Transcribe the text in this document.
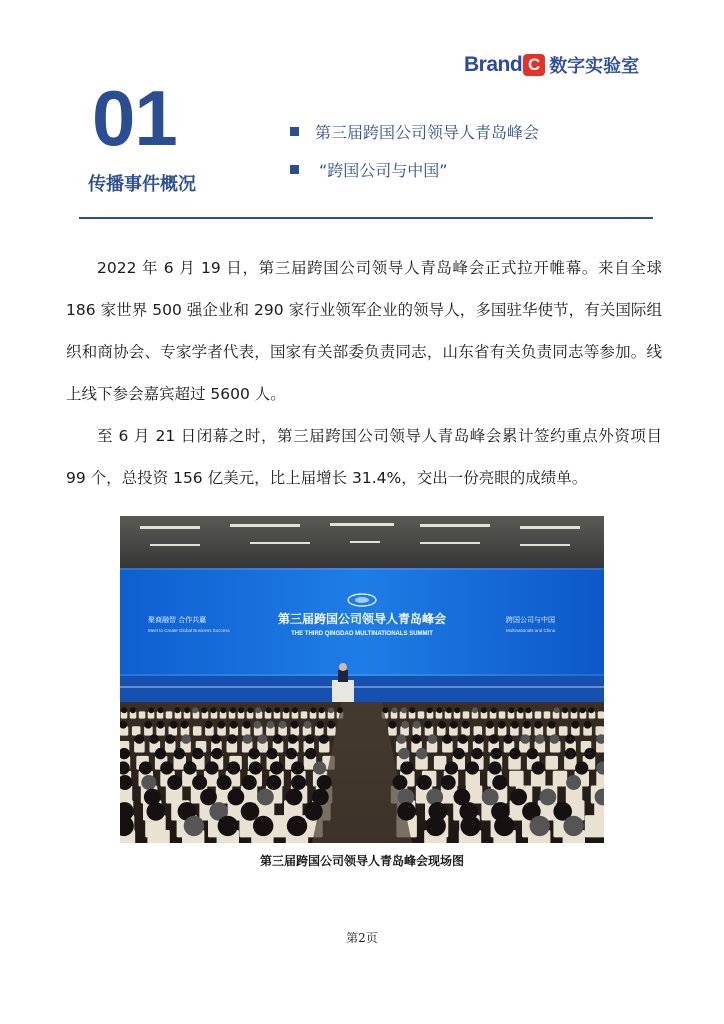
Brand C 数字实验室
01
传播事件概况
第三届跨国公司领导人青岛峰会
“跨国公司与中国”

2022 年 6 月 19 日，第三届跨国公司领导人青岛峰会正式拉开帷幕。来自全球 186 家世界 500 强企业和 290 家行业领军企业的领导人，多国驻华使节，有关国际组织和商协会、专家学者代表，国家有关部委负责同志，山东省有关负责同志等参加。线上线下参会嘉宾超过 5600 人。

至 6 月 21 日闭幕之时，第三届跨国公司领导人青岛峰会累计签约重点外资项目 99 个，总投资 156 亿美元，比上届增长 31.4%，交出一份亮眼的成绩单。

第三届跨国公司领导人青岛峰会
THE THIRD QINGDAO MULTINATIONALS SUMMIT
聚商融智 合作共赢
Meet to Create Global Business Success
跨国公司与中国
Multinationals and China
第三届跨国公司领导人青岛峰会现场图
第2页
